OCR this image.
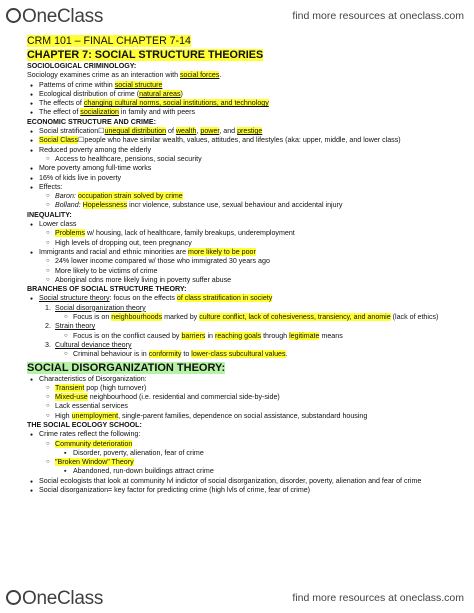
OneClass	find more resources at oneclass.com
CRM 101 – FINAL CHAPTER 7-14
CHAPTER 7: SOCIAL STRUCTURE THEORIES
SOCIOLOGICAL CRIMINOLOGY:
Sociology examines crime as an interaction with social forces.
● Patterns of crime within social structure
● Ecological distribution of crime (natural areas)
● The effects of changing cultural norms, social institutions, and technology
● The effect of socialization in family and with peers
ECONOMIC STRUCTURE AND CRIME:
● Social stratification☐unequal distribution of wealth, power, and prestige
● Social Class☐people who have similar wealth, values, attitudes, and lifestyles (aka: upper, middle, and lower class)
● Reduced poverty among the elderly
○ Access to healthcare, pensions, social security
● More poverty among full-time works
● 16% of kids live in poverty
● Effects:
○ Baron: occupation strain solved by crime
○ Bolland: Hopelessness incr violence, substance use, sexual behaviour and accidental injury
INEQUALITY:
● Lower class
○ Problems w/ housing, lack of healthcare, family breakups, underemployment
○ High levels of dropping out, teen pregnancy
● Immigrants and racial and ethnic minorities are more likely to be poor
○ 24% lower income compared w/ those who immigrated 30 years ago
○ More likely to be victims of crime
○ Aboriginal cdns more likely living in poverty suffer abuse
BRANCHES OF SOCIAL STRUCTURE THEORY:
● Social structure theory: focus on the effects of class stratification in society
1. Social disorganization theory
○ Focus is on neighbourhoods marked by culture conflict, lack of cohesiveness, transiency, and anomie (lack of ethics)
2. Strain theory
○ Focus is on the conflict caused by barriers in reaching goals through legitimate means
3. Cultural deviance theory
○ Criminal behaviour is in conformity to lower-class subcultural values.
SOCIAL DISORGANIZATION THEORY:
● Characteristics of Disorganization:
○ Transient pop (high turnover)
○ Mixed-use neighbourhood (i.e. residential and commercial side-by-side)
○ Lack essential services
○ High unemployment, single-parent families, dependence on social assistance, substandard housing
THE SOCIAL ECOLOGY SCHOOL:
● Crime rates reflect the following:
○ Community deterioration
▪ Disorder, poverty, alienation, fear of crime
○ "Broken Window" Theory
▪ Abandoned, run-down buildings attract crime
● Social ecologists that look at community lvl indictor of social disorganization, disorder, poverty, alienation and fear of crime
● Social disorganization= key factor for predicting crime (high lvls of crime, fear of crime)
OneClass	find more resources at oneclass.com
